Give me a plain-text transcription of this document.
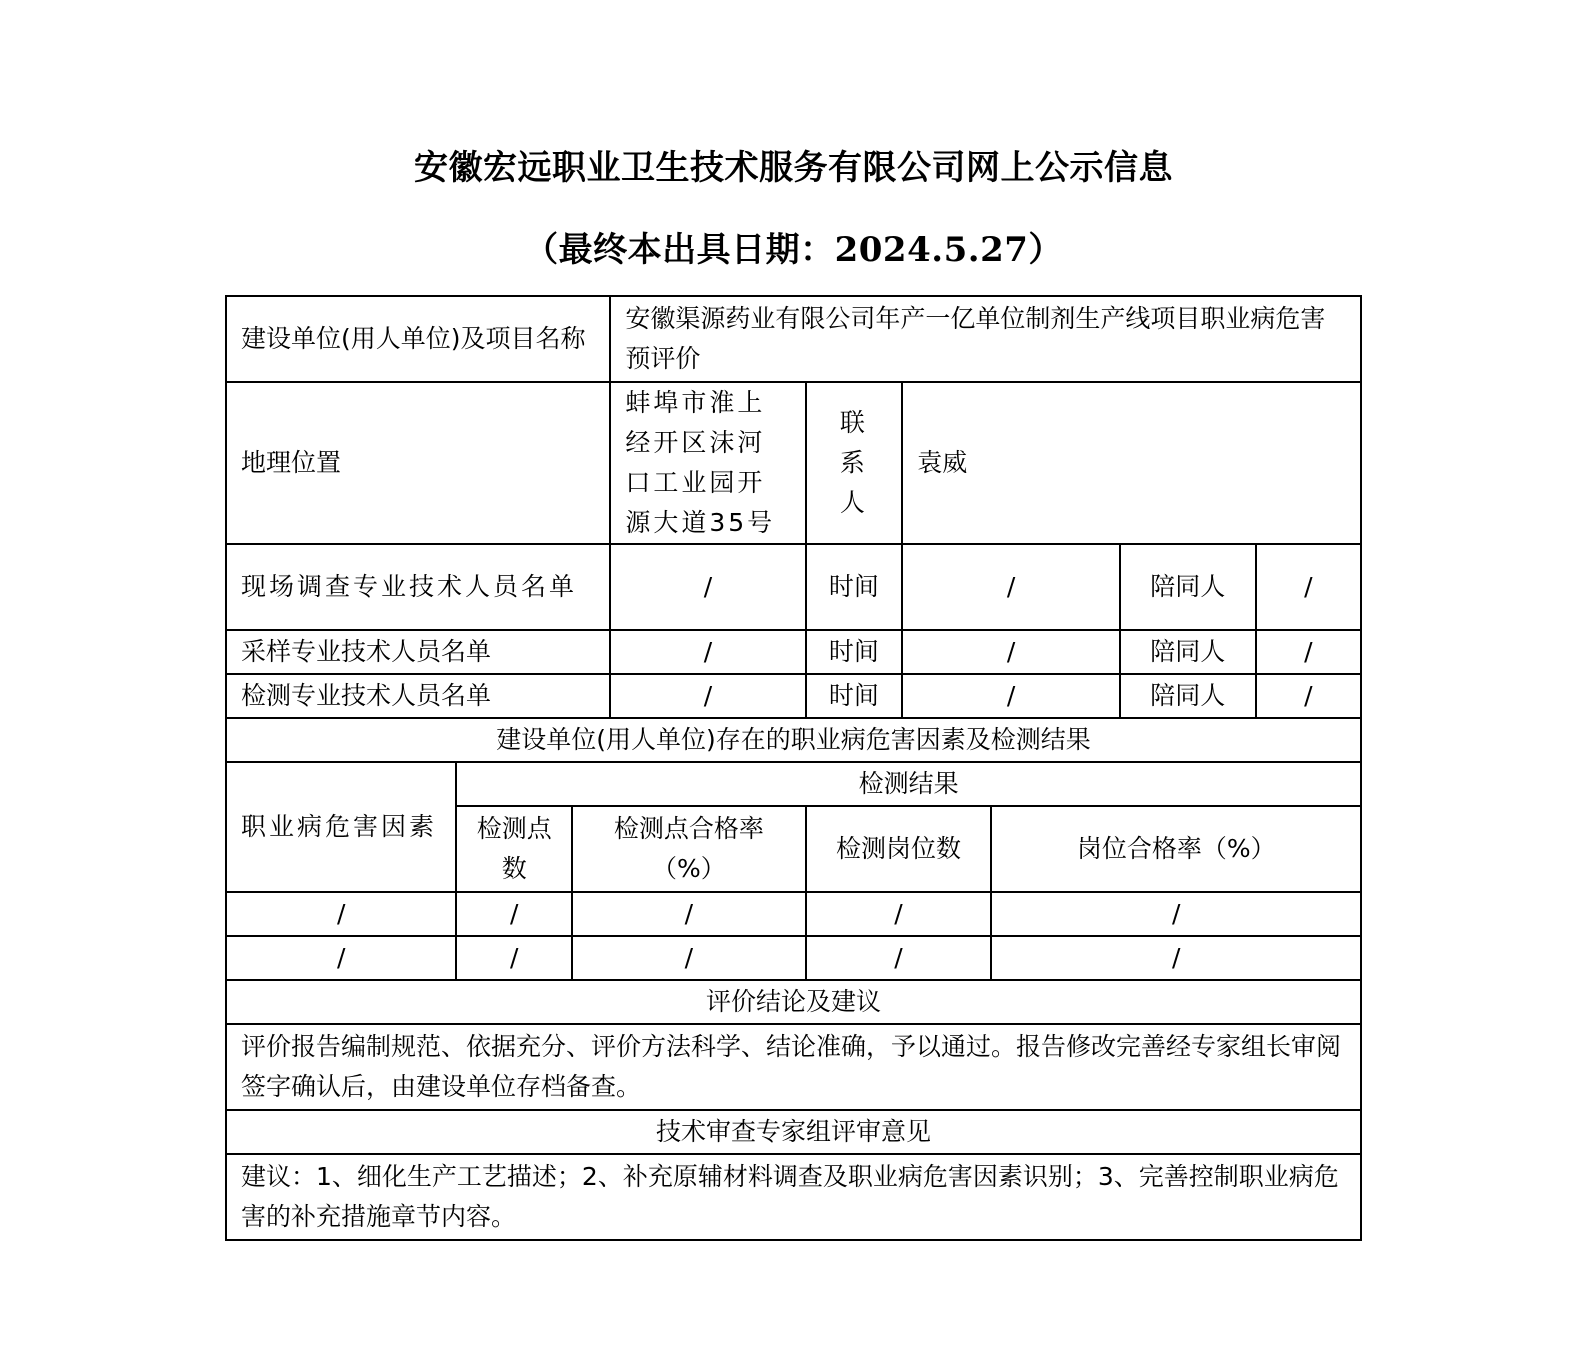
安徽宏远职业卫生技术服务有限公司网上公示信息
（最终本出具日期：2024.5.27）
建设单位(用人单位)及项目名称			安徽渠源药业有限公司年产一亿单位制剂生产线项目职业病危害预评价					
地理位置			蚌埠市淮上经开区沫河口工业园开源大道35号	联系人	袁威			
现场调查专业技术人员名单			/	时间	/		陪同人	/
采样专业技术人员名单			/	时间	/		陪同人	/
检测专业技术人员名单			/	时间	/		陪同人	/
建设单位(用人单位)存在的职业病危害因素及检测结果								
职业病危害因素	检测结果							
	检测点数	检测点合格率（%）		检测岗位数		岗位合格率（%）		
/	/	/		/		/		
/	/	/		/		/		
评价结论及建议								
评价报告编制规范、依据充分、评价方法科学、结论准确，予以通过。报告修改完善经专家组长审阅签字确认后，由建设单位存档备查。								
技术审查专家组评审意见								
建议：1、细化生产工艺描述；2、补充原辅材料调查及职业病危害因素识别；3、完善控制职业病危害的补充措施章节内容。								
